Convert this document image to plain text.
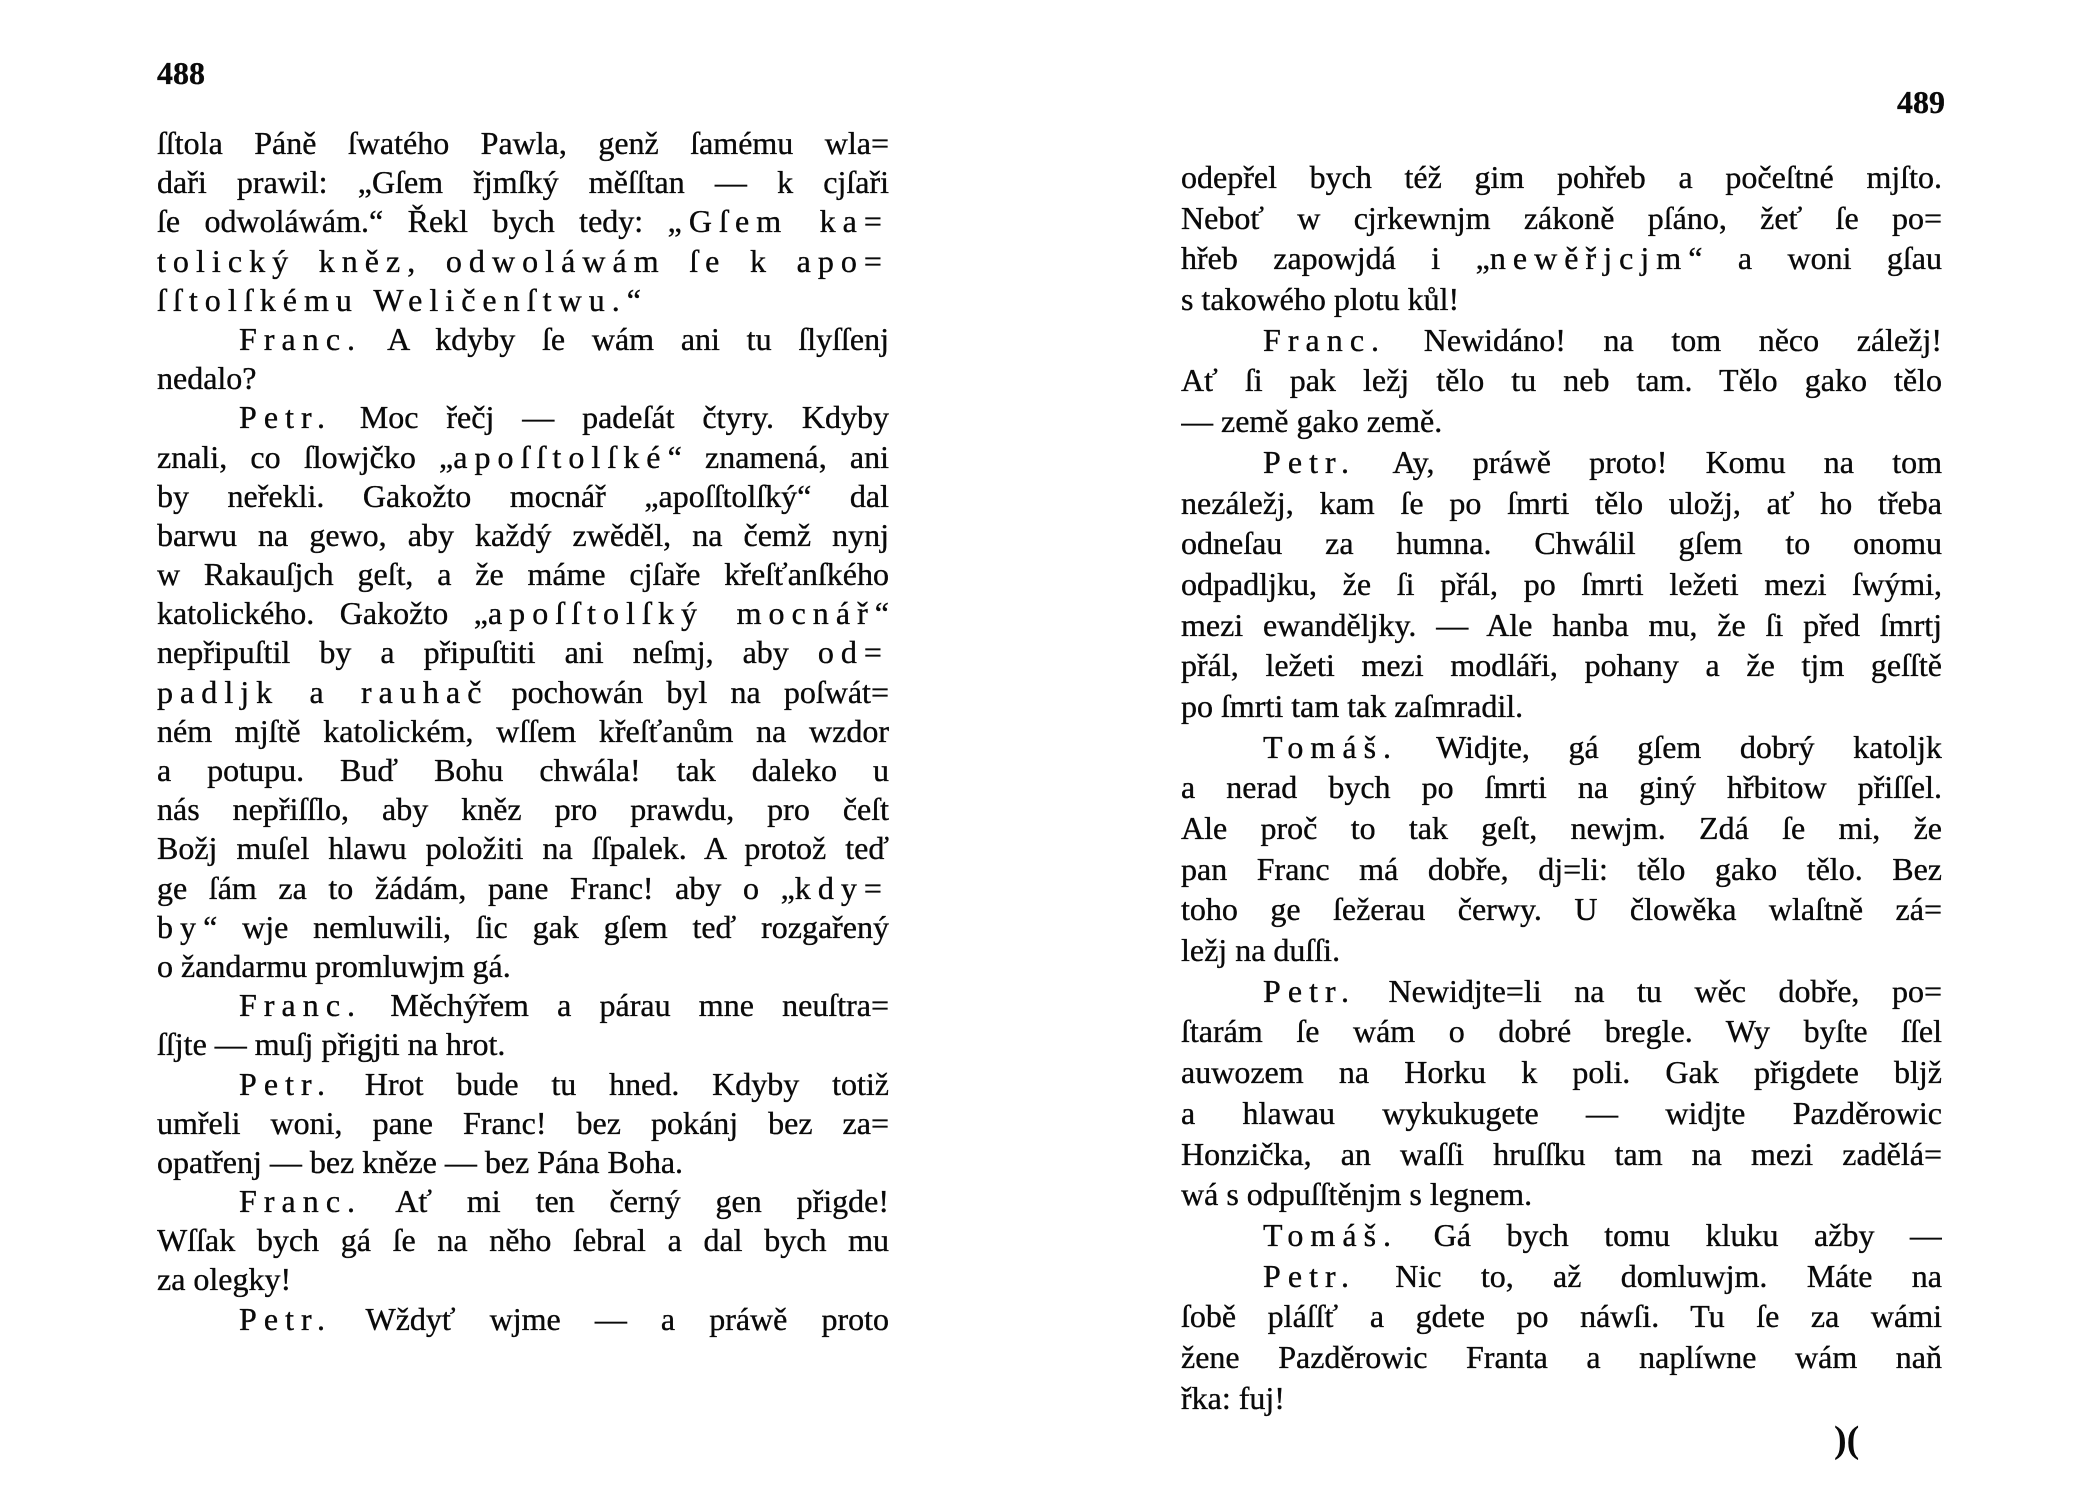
488
489
ſſtola Páně ſwatého Pawla, genž ſamému wla=
daři prawil: „Gſem řjmſký měſſtan — k cjſaři
ſe odwoláwám.“ Řekl bych tedy: „Gſem ka=
tolický kněz, odwoláwám ſe k apo=
ſſtolſkému Weličenſtwu.“
Franc. A kdyby ſe wám ani tu ſlyſſenj
nedalo?
Petr. Moc řečj — padeſát čtyry. Kdyby
znali, co ſlowjčko „apoſſtolſké“ znamená, ani
by neřekli. Gakožto mocnář „apoſſtolſký“ dal
barwu na gewo, aby každý zwěděl, na čemž nynj
w Rakauſjch geſt, a že máme cjſaře křeſťanſkého
katolického. Gakožto „apoſſtolſký mocnář“
nepřipuſtil by a připuſtiti ani neſmj, aby od=
padljk a rauhač pochowán byl na poſwát=
ném mjſtě katolickém, wſſem křeſťanům na wzdor
a potupu. Buď Bohu chwála! tak daleko u
nás nepřiſſlo, aby kněz pro prawdu, pro čeſt
Božj muſel hlawu položiti na ſſpalek. A protož teď
ge ſám za to žádám, pane Franc! aby o „kdy=
by“ wje nemluwili, ſic gak gſem teď rozgařený
o žandarmu promluwjm gá.
Franc. Měchýřem a párau mne neuſtra=
ſſjte — muſj přigjti na hrot.
Petr. Hrot bude tu hned. Kdyby totiž
umřeli woni, pane Franc! bez pokánj bez za=
opatřenj — bez kněze — bez Pána Boha.
Franc. Ať mi ten černý gen přigde!
Wſſak bych gá ſe na něho ſebral a dal bych mu
za olegky!
Petr. Wždyť wjme — a práwě proto
odepřel bych též gim pohřeb a počeſtné mjſto.
Neboť w cjrkewnjm zákoně pſáno, žeť ſe po=
hřeb zapowjdá i „newěřjcjm“ a woni gſau
s takowého plotu kůl!
Franc. Newidáno! na tom něco záležj!
Ať ſi pak ležj tělo tu neb tam. Tělo gako tělo
— země gako země.
Petr. Ay, práwě proto! Komu na tom
nezáležj, kam ſe po ſmrti tělo uložj, ať ho třeba
odneſau za humna. Chwálil gſem to onomu
odpadljku, že ſi přál, po ſmrti ležeti mezi ſwými,
mezi ewanděljky. — Ale hanba mu, že ſi před ſmrtj
přál, ležeti mezi modláři, pohany a že tjm geſſtě
po ſmrti tam tak zaſmradil.
Tomáš. Widjte, gá gſem dobrý katoljk
a nerad bych po ſmrti na giný hřbitow přiſſel.
Ale proč to tak geſt, newjm. Zdá ſe mi, že
pan Franc má dobře, dj=li: tělo gako tělo. Bez
toho ge ſežerau čerwy. U člowěka wlaſtně zá=
ležj na duſſi.
Petr. Newidjte=li na tu wěc dobře, po=
ſtarám ſe wám o dobré bregle. Wy byſte ſſel
auwozem na Horku k poli. Gak přigdete bljž
a hlawau wykukugete — widjte Pazděrowic
Honzička, an waſſi hruſſku tam na mezi zadělá=
wá s odpuſſtěnjm s legnem.
Tomáš. Gá bych tomu kluku ažby —
Petr. Nic to, až domluwjm. Máte na
ſobě pláſſť a gdete po náwſi. Tu ſe za wámi
žene Pazděrowic Franta a naplíwne wám naň
řka: fuj!
)(
